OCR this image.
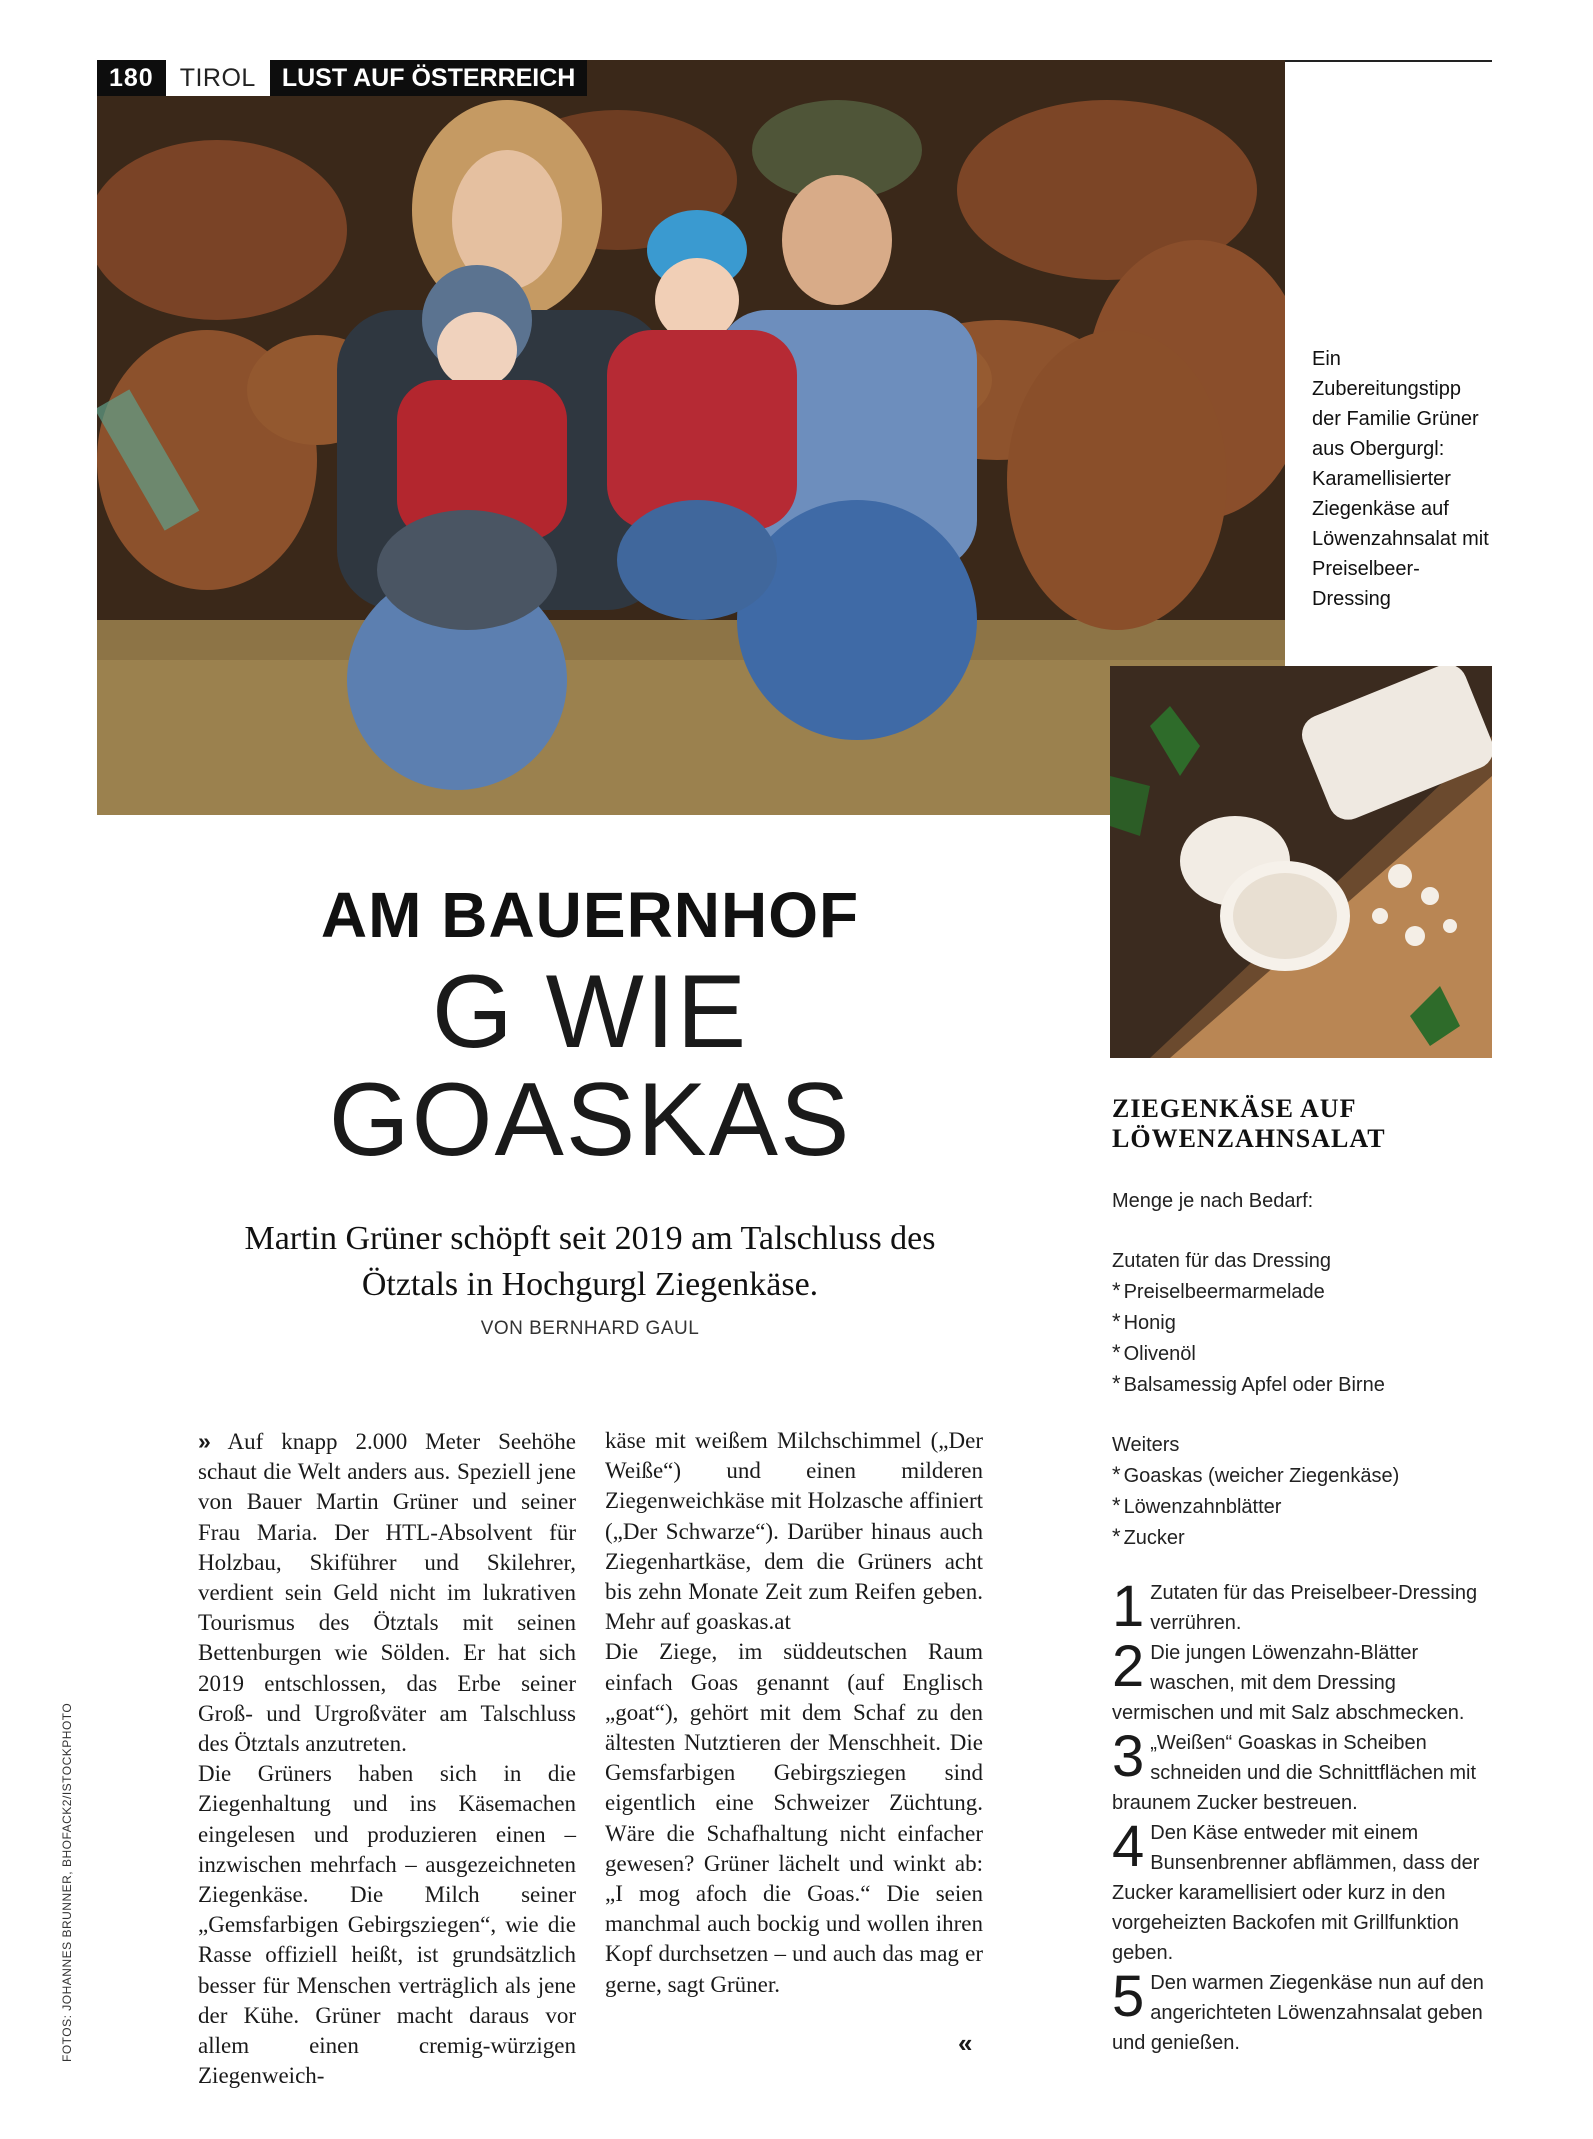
180	TIROL	LUST AUF ÖSTERREICH
Ein Zubereitungstipp der Familie Grüner aus Obergurgl: Karamellisierter Ziegenkäse auf Löwenzahnsalat mit Preiselbeer-Dressing
AM BAUERNHOF
G WIE
GOASKAS
Martin Grüner schöpft seit 2019 am Talschluss des Ötztals in Hochgurgl Ziegenkäse.
VON BERNHARD GAUL
» Auf knapp 2.000 Meter Seehöhe schaut die Welt anders aus. Speziell jene von Bauer Martin Grüner und seiner Frau Maria. Der HTL-Absolvent für Holzbau, Skiführer und Skilehrer, verdient sein Geld nicht im lukrativen Tourismus des Ötztals mit seinen Bettenburgen wie Sölden. Er hat sich 2019 entschlossen, das Erbe seiner Groß- und Urgroßväter am Talschluss des Ötztals anzutreten.
Die Grüners haben sich in die Ziegenhaltung und ins Käsemachen eingelesen und produzieren einen – inzwischen mehrfach – ausgezeichneten Ziegenkäse. Die Milch seiner „Gemsfarbigen Gebirgsziegen“, wie die Rasse offiziell heißt, ist grundsätzlich besser für Menschen verträglich als jene der Kühe. Grüner macht daraus vor allem einen cremig-würzigen Ziegenweich-
käse mit weißem Milchschimmel („Der Weiße“) und einen milderen Ziegenweichkäse mit Holzasche affiniert („Der Schwarze“). Darüber hinaus auch Ziegenhartkäse, dem die Grüners acht bis zehn Monate Zeit zum Reifen geben. Mehr auf goaskas.at
Die Ziege, im süddeutschen Raum einfach Goas genannt (auf Englisch „goat“), gehört mit dem Schaf zu den ältesten Nutztieren der Menschheit. Die Gemsfarbigen Gebirgsziegen sind eigentlich eine Schweizer Züchtung. Wäre die Schafhaltung nicht einfacher gewesen? Grüner lächelt und winkt ab: „I mog afoch die Goas.“ Die seien manchmal auch bockig und wollen ihren Kopf durchsetzen – und auch das mag er gerne, sagt Grüner.
«
FOTOS: JOHANNES BRUNNER, BHOFACK2/ISTOCKPHOTO
ZIEGENKÄSE AUF LÖWENZAHNSALAT
Menge je nach Bedarf:
Zutaten für das Dressing
* Preiselbeermarmelade
* Honig
* Olivenöl
* Balsamessig Apfel oder Birne
Weiters
* Goaskas (weicher Ziegenkäse)
* Löwenzahnblätter
* Zucker
1 Zutaten für das Preiselbeer-Dressing verrühren.
2 Die jungen Löwenzahn-Blätter waschen, mit dem Dressing vermischen und mit Salz abschmecken.
3 „Weißen“ Goaskas in Scheiben schneiden und die Schnittflächen mit braunem Zucker bestreuen.
4 Den Käse entweder mit einem Bunsenbrenner abflämmen, dass der Zucker karamellisiert oder kurz in den vorgeheizten Backofen mit Grillfunktion geben.
5 Den warmen Ziegenkäse nun auf den angerichteten Löwenzahnsalat geben und genießen.
